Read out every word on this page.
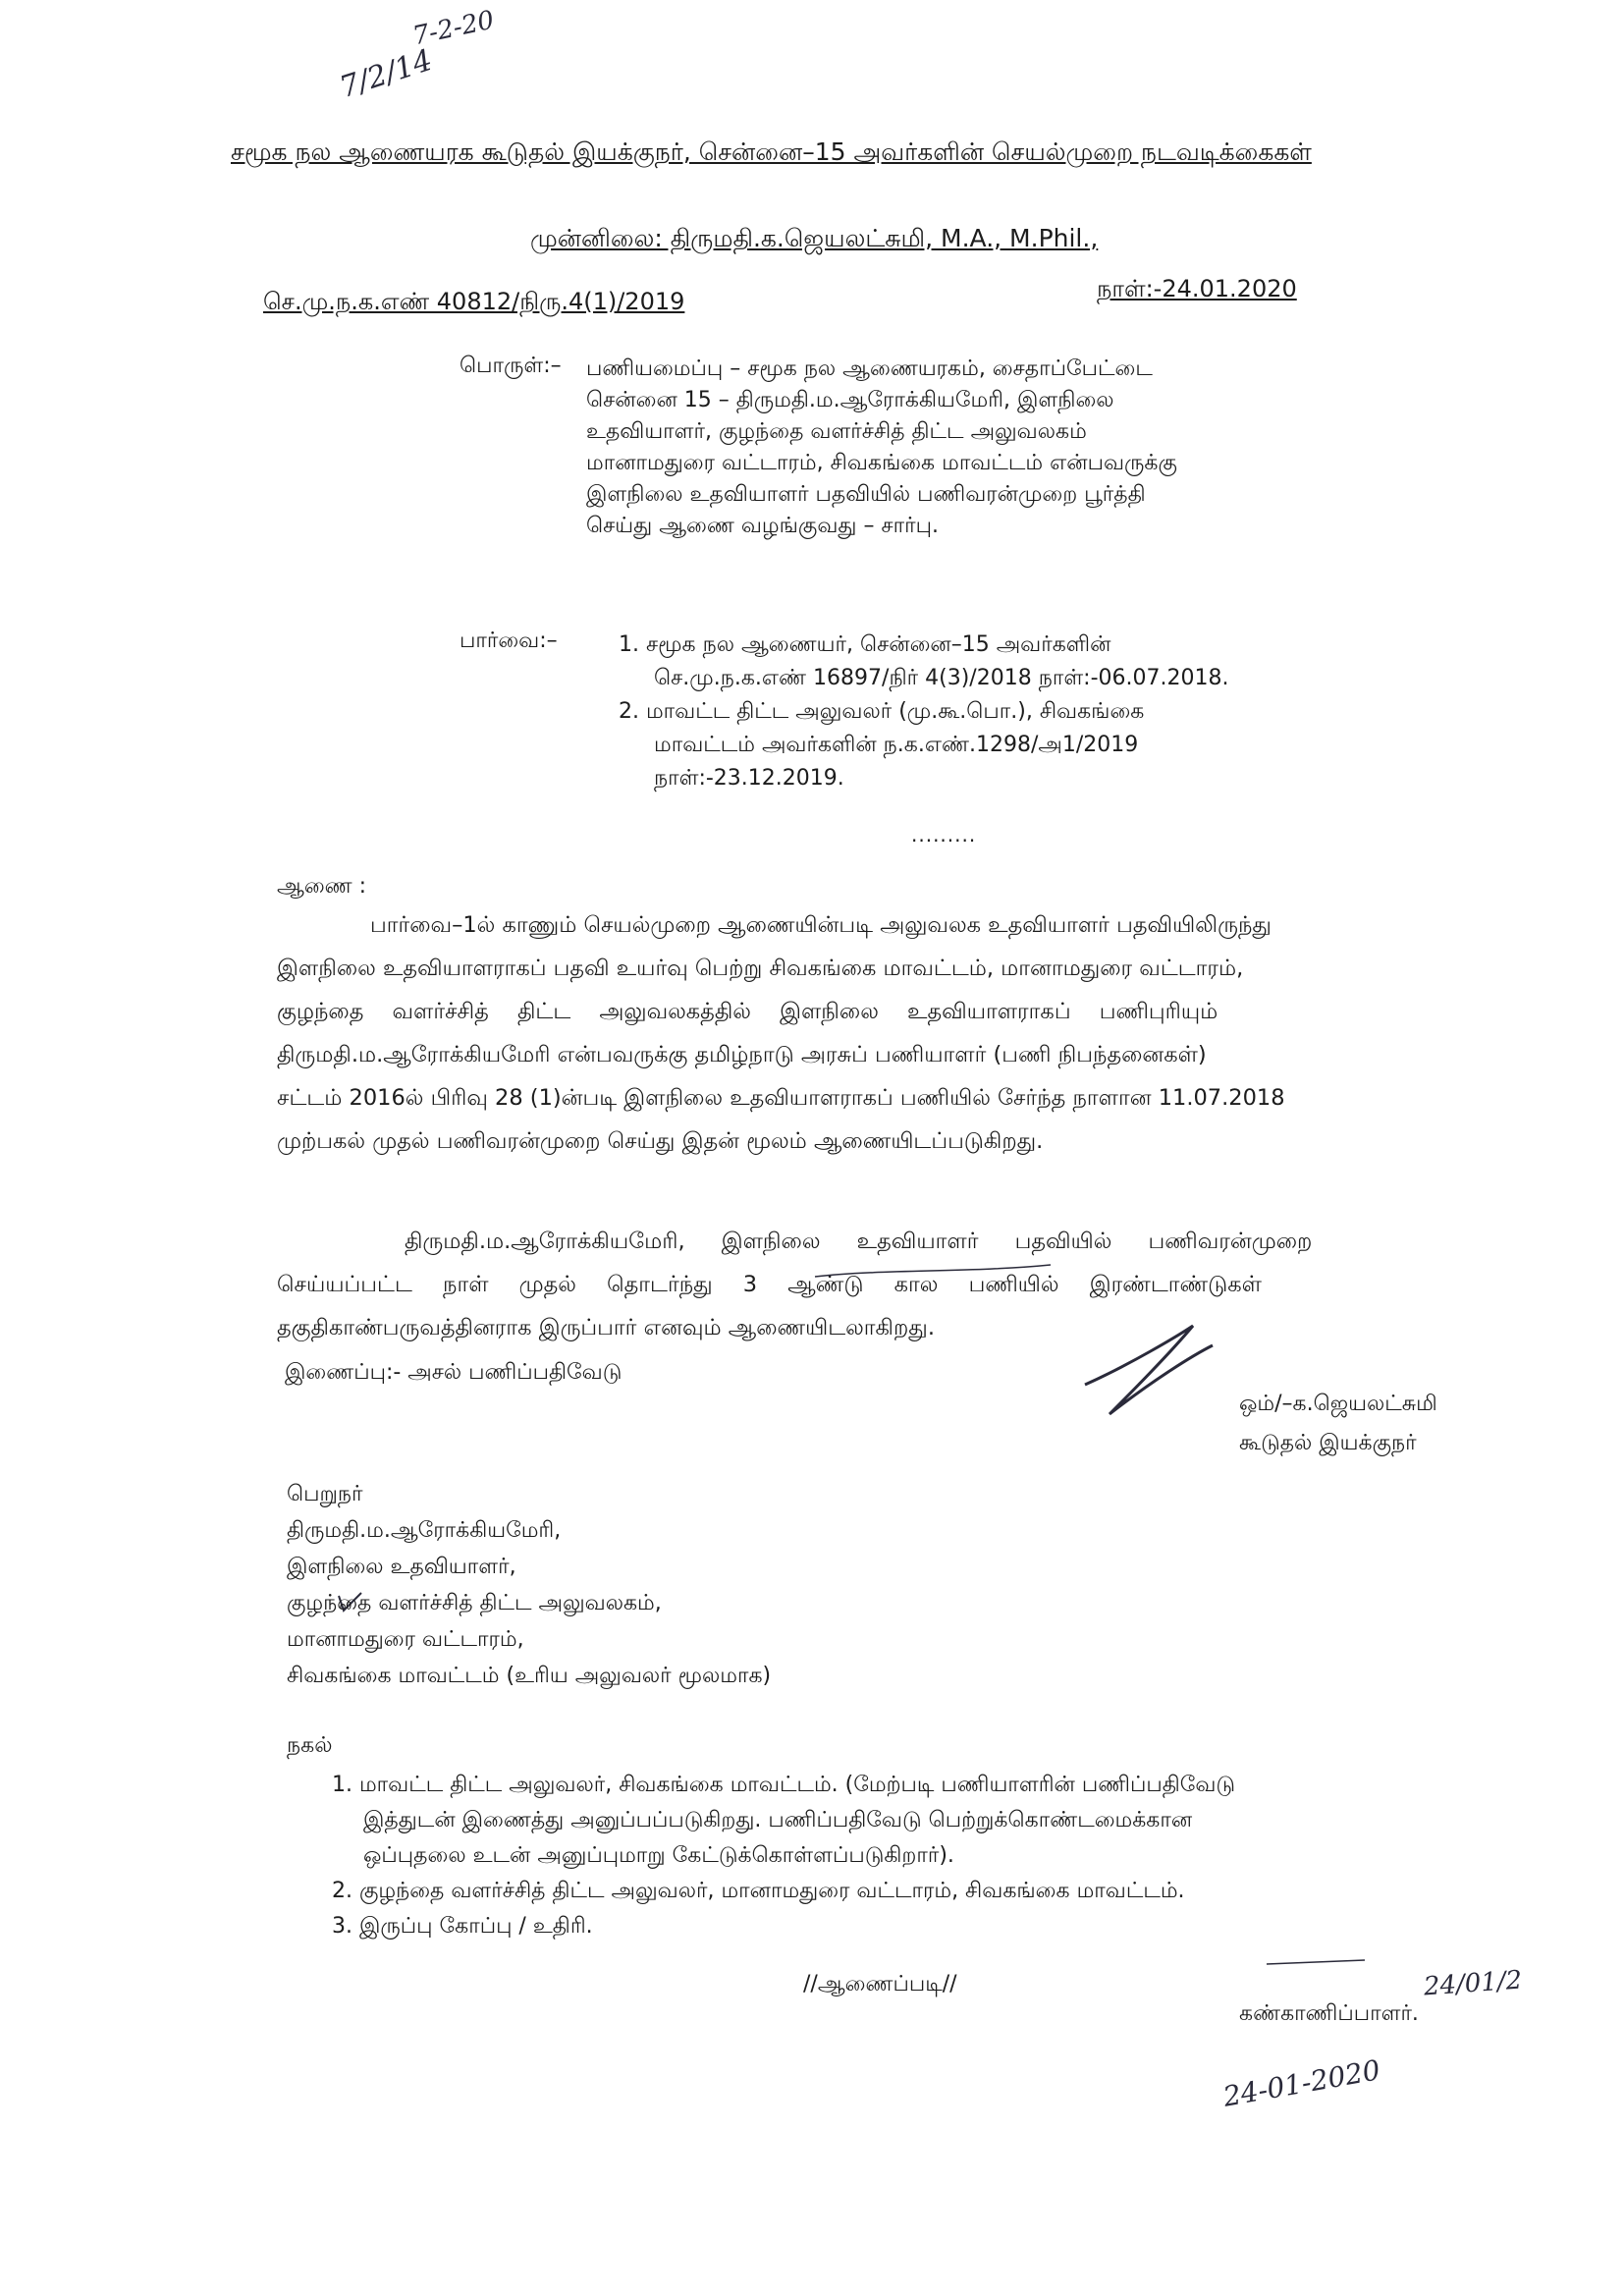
7/2/14
7-2-20
சமூக நல ஆணையரக கூடுதல் இயக்குநர், சென்னை–15 அவர்களின் செயல்முறை நடவடிக்கைகள்
முன்னிலை: திருமதி.க.ஜெயலட்சுமி, M.A., M.Phil.,
செ.மு.ந.க.எண் 40812/நிரு.4(1)/2019	நாள்:-24.01.2020
பொருள்:– பணியமைப்பு – சமூக நல ஆணையரகம், சைதாப்பேட்டை
சென்னை 15 – திருமதி.ம.ஆரோக்கியமேரி, இளநிலை
உதவியாளர், குழந்தை வளர்ச்சித் திட்ட அலுவலகம்
மானாமதுரை வட்டாரம், சிவகங்கை மாவட்டம் என்பவருக்கு
இளநிலை உதவியாளர் பதவியில் பணிவரன்முறை பூர்த்தி
செய்து ஆணை வழங்குவது – சார்பு.
பார்வை:–	1. சமூக நல ஆணையர், சென்னை–15 அவர்களின்
செ.மு.ந.க.எண் 16897/நிர் 4(3)/2018 நாள்:-06.07.2018.
2. மாவட்ட திட்ட அலுவலர் (மு.கூ.பொ.), சிவகங்கை
மாவட்டம் அவர்களின் ந.க.எண்.1298/அ1/2019
நாள்:-23.12.2019.
.........
ஆணை :
பார்வை–1ல் காணும் செயல்முறை ஆணையின்படி அலுவலக உதவியாளர் பதவியிலிருந்து
இளநிலை உதவியாளராகப் பதவி உயர்வு பெற்று சிவகங்கை மாவட்டம், மானாமதுரை வட்டாரம்,
குழந்தை வளர்ச்சித் திட்ட அலுவலகத்தில் இளநிலை உதவியாளராகப் பணிபுரியும்
திருமதி.ம.ஆரோக்கியமேரி என்பவருக்கு தமிழ்நாடு அரசுப் பணியாளர் (பணி நிபந்தனைகள்)
சட்டம் 2016ல் பிரிவு 28 (1)ன்படி இளநிலை உதவியாளராகப் பணியில் சேர்ந்த நாளான 11.07.2018
முற்பகல் முதல் பணிவரன்முறை செய்து இதன் மூலம் ஆணையிடப்படுகிறது.
திருமதி.ம.ஆரோக்கியமேரி, இளநிலை உதவியாளர் பதவியில் பணிவரன்முறை
செய்யப்பட்ட நாள் முதல் தொடர்ந்து 3 ஆண்டு கால பணியில் இரண்டாண்டுகள்
தகுதிகாண்பருவத்தினராக இருப்பார் எனவும் ஆணையிடலாகிறது.
இணைப்பு:- அசல் பணிப்பதிவேடு
ஒம்/–க.ஜெயலட்சுமி
கூடுதல் இயக்குநர்
பெறுநர்
திருமதி.ம.ஆரோக்கியமேரி,
இளநிலை உதவியாளர்,
குழந்தை வளர்ச்சித் திட்ட அலுவலகம்,
மானாமதுரை வட்டாரம்,
சிவகங்கை மாவட்டம் (உரிய அலுவலர் மூலமாக)
நகல்
1. மாவட்ட திட்ட அலுவலர், சிவகங்கை மாவட்டம். (மேற்படி பணியாளரின் பணிப்பதிவேடு
இத்துடன் இணைத்து அனுப்பப்படுகிறது. பணிப்பதிவேடு பெற்றுக்கொண்டமைக்கான
ஒப்புதலை உடன் அனுப்புமாறு கேட்டுக்கொள்ளப்படுகிறார்).
2. குழந்தை வளர்ச்சித் திட்ட அலுவலர், மானாமதுரை வட்டாரம், சிவகங்கை மாவட்டம்.
3. இருப்பு கோப்பு / உதிரி.
//ஆணைப்படி//
கண்காணிப்பாளர்.
24/01/2
24-01-2020
